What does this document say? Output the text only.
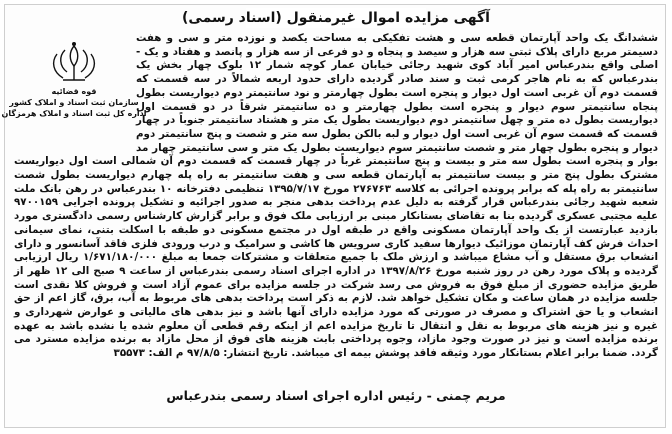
آگهی مزایده اموال غیرمنقول (اسناد رسمی)
قوه قضائیه
سازمان ثبت اسناد و املاک کشور
اداره کل ثبت اسناد و املاک هرمزگان
ششدانگ یک واحد آپارتمان قطعه سی و هشت تفکیکی به مساحت یکصد و نوزده متر و سی و هفت دسیمتر مربع دارای پلاک ثبتی سه هزار و سیصد و پنجاه و دو فرعی از سه هزار و پانصد و هفتاد و یک - اصلی واقع بندرعباس امیر آباد کوی شهید رجائی خیابان عمار کوچه شمار ۱۲ بلوک چهار بخش یک بندرعباس که به نام هاجر کرمی ثبت و سند صادر گردیده دارای حدود اربعه شمالاً در سه قسمت که قسمت دوم آن غربی است اول دیوار و پنجره است بطول چهارمتر و نود سانتیمتر دوم دیواریست بطول پنجاه سانتیمتر سوم دیوار و پنجره است بطول چهارمتر و ده سانتیمتر شرقاً در دو قسمت اول دیواریست بطول ده متر و چهل سانتیمتر دوم دیواریست بطول یک متر و هشتاد سانتیمتر جنوباً در چهار قسمت که قسمت سوم آن غربی است اول دیوار و لبه بالکن بطول سه متر و شصت و پنج سانتیمتر دوم دیوار و پنجره بطول چهار متر و شصت سانتیمتر سوم دیواریست بطول یک متر و سی سانتیمتر چهار مد بوار و پنجره است بطول سه متر و بیست و پنج سانتیمتر غرباً در چهار قسمت که قسمت دوم آن شمالی است اول دیواریست مشترک بطول پنج متر و بیست سانتیمتر به آپارتمان قطعه سی و هفت سانتیمتر به راه پله چهارم دیواریست بطول شصت سانتیمتر به راه پله که برابر پرونده اجرائی به کلاسه ۲۷۶۷۶۳ مورخ ۱۳۹۵/۷/۱۷ تنظیمی دفترخانه ۱۰ بندرعباس در رهن بانک ملت شعبه شهید رجائی بندرعباس قرار گرفته به دلیل عدم پرداخت بدهی منجر به صدور اجرائیه و تشکیل پرونده اجرایی ۹۷۰۰۱۵۹ علیه مجتبی عسکری گردیده بنا به تقاضای بستانکار مبنی بر ارزیابی ملک فوق و برابر گزارش کارشناس رسمی دادگستری مورد بازدید عبارتست از یک واحد آپارتمان مسکونی واقع در طبقه اول در مجتمع مسکونی دو طبقه با اسکلت بتنی، نمای سیمانی احداث فرش کف آپارتمان موزائیک دیوارها سفید کاری سرویس ها کاشی و سرامیک و درب ورودی فلزی فاقد آسانسور و دارای انشعاب برق مستقل و آب مشاع میباشد و ارزش ملک با جمیع متعلقات و مشترکات جمعا به مبلغ ۱/۶۷۱/۱۸۰/۰۰۰ ریال ارزیابی گردیده و پلاک مورد رهن در روز شنبه مورخ ۱۳۹۷/۸/۲۶ در اداره اجرای اسناد رسمی بندرعباس از ساعت ۹ صبح الی ۱۲ ظهر از طریق مزایده حضوری از مبلغ فوق به فروش می رسد شرکت در جلسه مزایده برای عموم آزاد است و فروش کلا نقدی است جلسه مزایده در همان ساعت و مکان تشکیل خواهد شد. لازم به ذکر است پرداخت بدهی های مربوط به آب، برق، گاز اعم از حق انشعاب و یا حق اشتراک و مصرف در صورتی که مورد مزایده دارای آنها باشد و نیز بدهی های مالیاتی و عوارض شهرداری و غیره و نیز هزینه های مربوط به نقل و انتقال تا تاریخ مزایده اعم از اینکه رقم قطعی آن معلوم شده یا نشده باشد به عهده برنده مزایده است و نیز در صورت وجود مازاد، وجوه پرداختی بابت هزینه های فوق از محل مازاد به برنده مزایده مسترد می گردد. ضمنا برابر اعلام بستانکار مورد وثیقه فاقد پوشش بیمه ای میباشد. تاریخ انتشار: ۹۷/۸/۵ م الف: ۳۵۵۷۳
مریم چمنی - رئیس اداره اجرای اسناد رسمی بندرعباس
